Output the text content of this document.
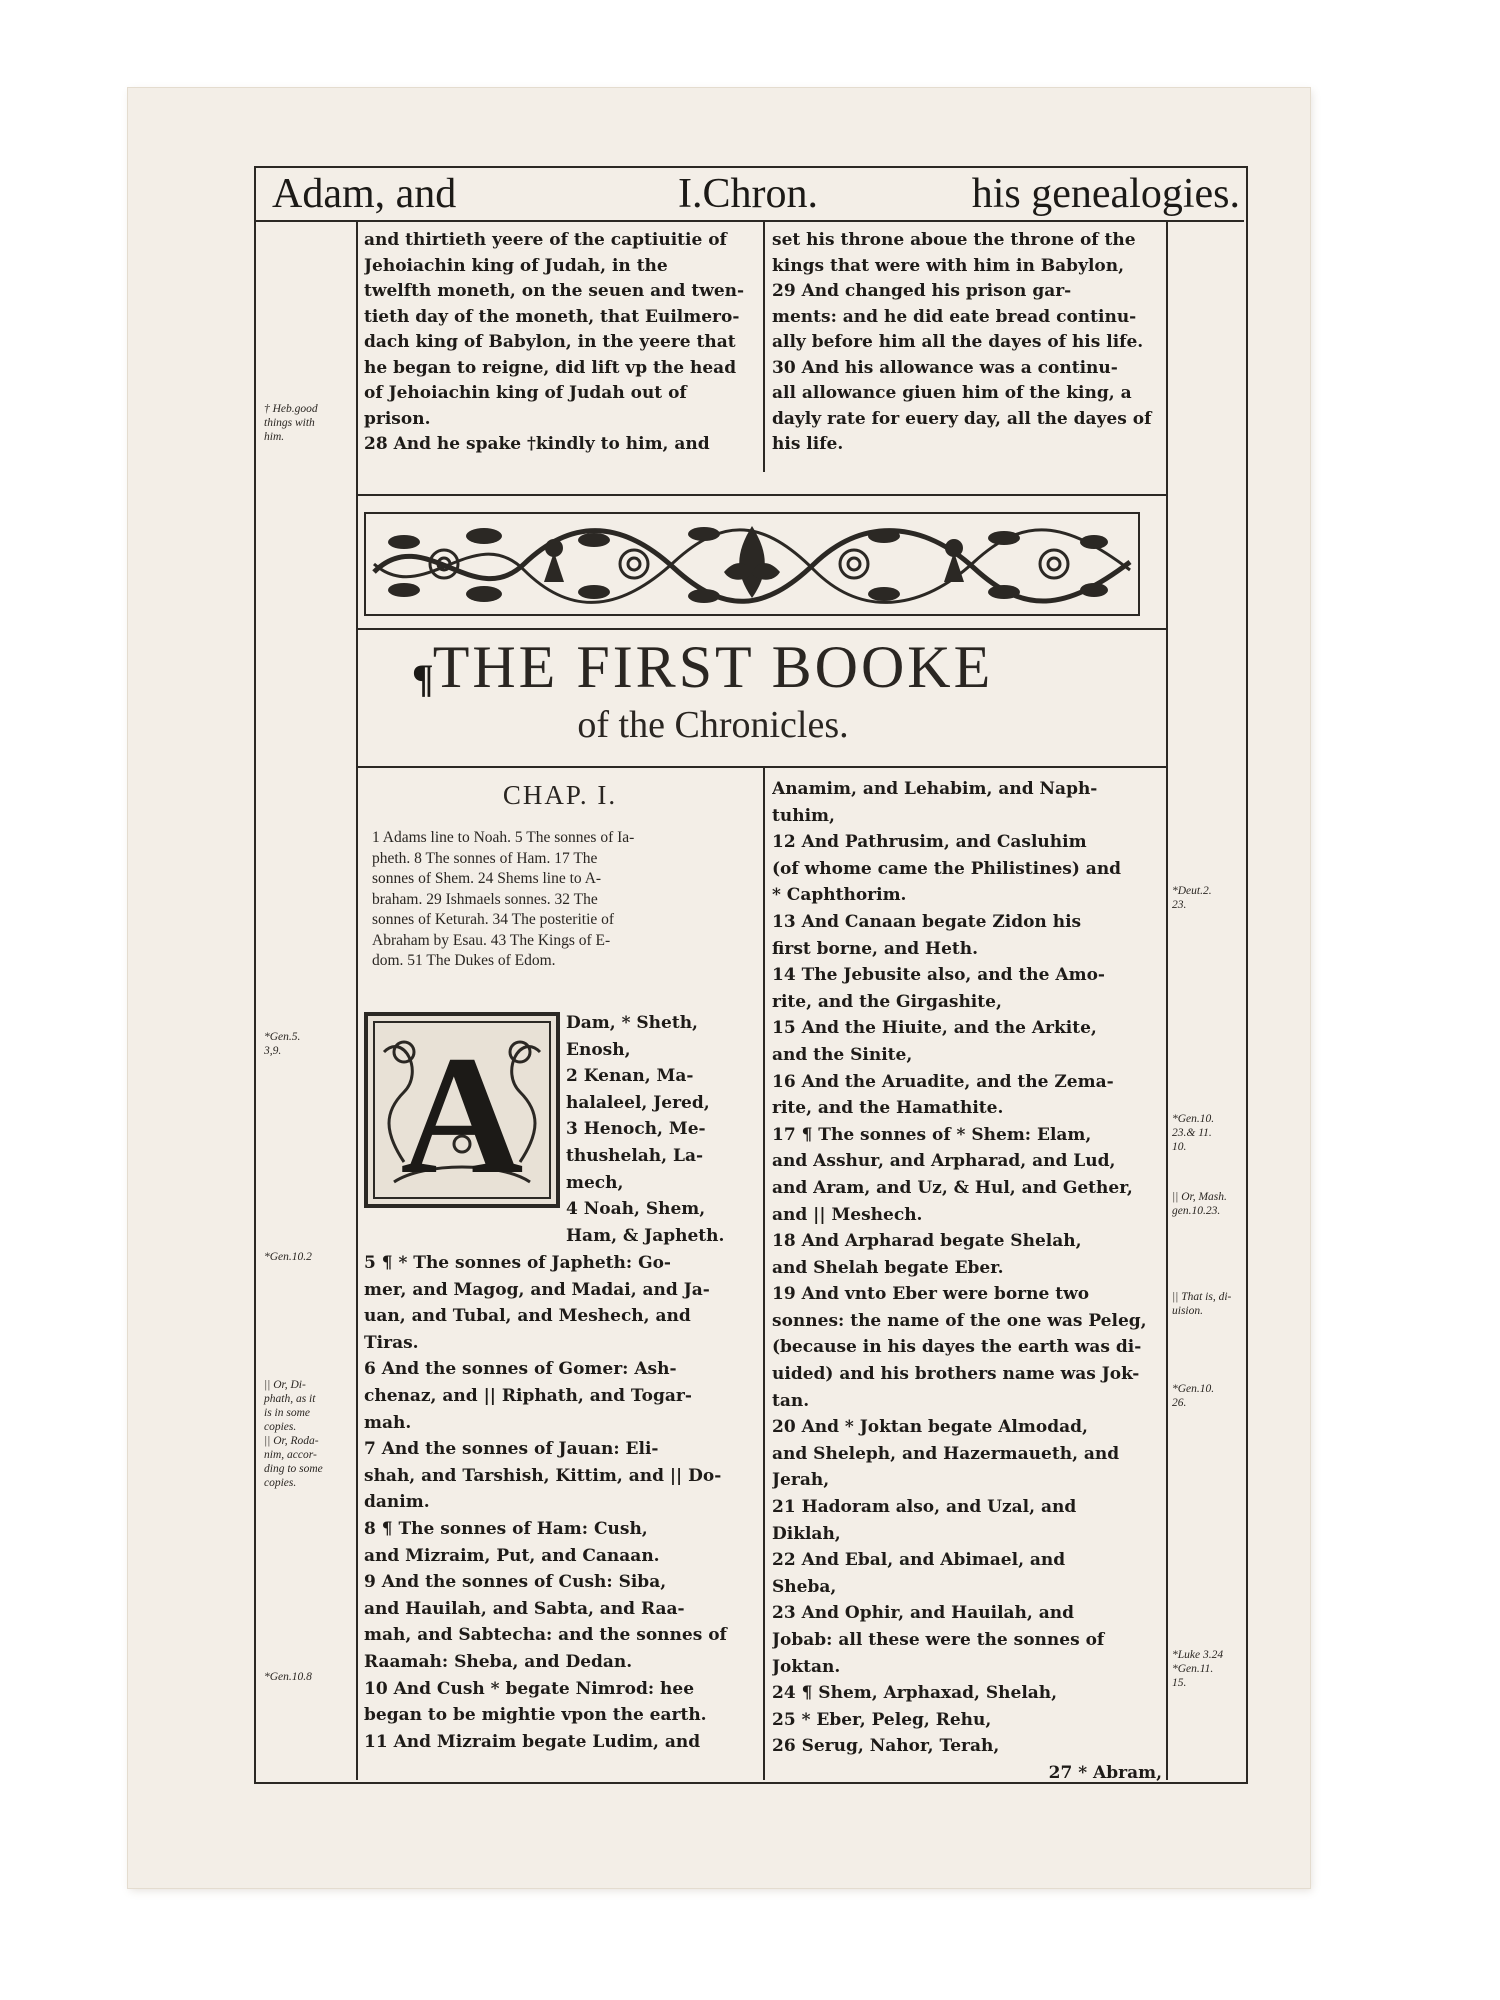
Adam, and	I.Chron.	his genealogies.
and thirtieth yeere of the captiuitie of
Jehoiachin king of Judah, in the
twelfth moneth, on the seuen and twen-
tieth day of the moneth, that Euilmero-
dach king of Babylon, in the yeere that
he began to reigne, did lift vp the head
of Jehoiachin king of Judah out of
prison.
28 And he spake †kindly to him, and
set his throne aboue the throne of the
kings that were with him in Babylon,
29 And changed his prison gar-
ments: and he did eate bread continu-
ally before him all the dayes of his life.
30 And his allowance was a continu-
all allowance giuen him of the king, a
dayly rate for euery day, all the dayes of
his life.
† Heb.good
things with
him.
¶ THE FIRST BOOKE
of the Chronicles.
CHAP. I.
1 Adams line to Noah. 5 The sonnes of Ia-
pheth. 8 The sonnes of Ham. 17 The
sonnes of Shem. 24 Shems line to A-
braham. 29 Ishmaels sonnes. 32 The
sonnes of Keturah. 34 The posteritie of
Abraham by Esau. 43 The Kings of E-
dom. 51 The Dukes of Edom.
A	Dam, * Sheth,
Enosh,
2 Kenan, Ma-
halaleel, Jered,
3 Henoch, Me-
thushelah, La-
mech,
4 Noah, Shem,
Ham, & Japheth.
5 ¶ * The sonnes of Japheth: Go-
mer, and Magog, and Madai, and Ja-
uan, and Tubal, and Meshech, and
Tiras.
6 And the sonnes of Gomer: Ash-
chenaz, and || Riphath, and Togar-
mah.
7 And the sonnes of Jauan: Eli-
shah, and Tarshish, Kittim, and || Do-
danim.
8 ¶ The sonnes of Ham: Cush,
and Mizraim, Put, and Canaan.
9 And the sonnes of Cush: Siba,
and Hauilah, and Sabta, and Raa-
mah, and Sabtecha: and the sonnes of
Raamah: Sheba, and Dedan.
10 And Cush * begate Nimrod: hee
began to be mightie vpon the earth.
11 And Mizraim begate Ludim, and
Anamim, and Lehabim, and Naph-
tuhim,
12 And Pathrusim, and Casluhim
(of whome came the Philistines) and
* Caphthorim.
13 And Canaan begate Zidon his
first borne, and Heth.
14 The Jebusite also, and the Amo-
rite, and the Girgashite,
15 And the Hiuite, and the Arkite,
and the Sinite,
16 And the Aruadite, and the Zema-
rite, and the Hamathite.
17 ¶ The sonnes of * Shem: Elam,
and Asshur, and Arpharad, and Lud,
and Aram, and Uz, & Hul, and Gether,
and || Meshech.
18 And Arpharad begate Shelah,
and Shelah begate Eber.
19 And vnto Eber were borne two
sonnes: the name of the one was Peleg,
(because in his dayes the earth was di-
uided) and his brothers name was Jok-
tan.
20 And * Joktan begate Almodad,
and Sheleph, and Hazermaueth, and
Jerah,
21 Hadoram also, and Uzal, and
Diklah,
22 And Ebal, and Abimael, and
Sheba,
23 And Ophir, and Hauilah, and
Jobab: all these were the sonnes of
Joktan.
24 ¶ Shem, Arphaxad, Shelah,
25 * Eber, Peleg, Rehu,
26 Serug, Nahor, Terah,
27 * Abram,
*Gen.5.
3,9.
*Gen.10.2
|| Or, Di-
phath, as it
is in some
copies.
|| Or, Roda-
nim, accor-
ding to some
copies.
*Gen.10.8
*Deut.2.
23.
*Gen.10.
23.& 11.
10.
|| Or, Mash.
gen.10.23.
|| That is, di-
uision.
*Gen.10.
26.
*Luke 3.24
*Gen.11.
15.
